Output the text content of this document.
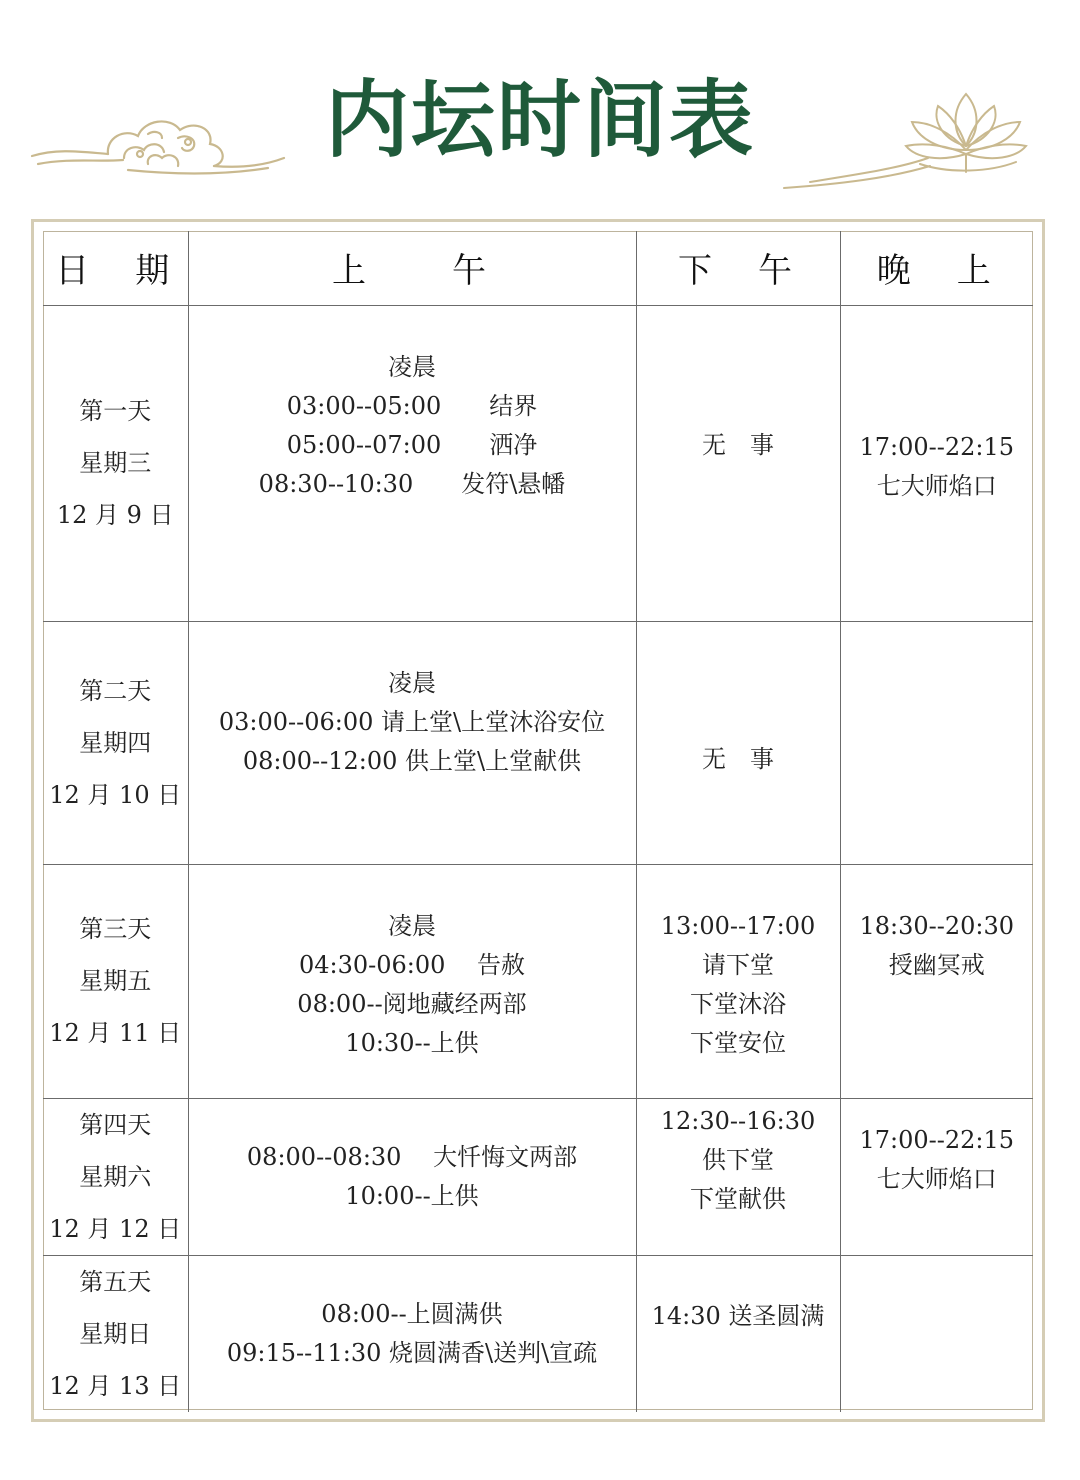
内坛时间表
日　期	上　　午	下　午	晚　上

第一天
星期三
12 月 9 日	凌晨
03:00--05:00　　结界
05:00--07:00　　洒净
08:30--10:30　　发符\悬幡	无　事	17:00--22:15
七大师焰口

第二天
星期四
12 月 10 日	凌晨
03:00--06:00 请上堂\上堂沐浴安位
08:00--12:00 供上堂\上堂献供	无　事	

第三天
星期五
12 月 11 日	凌晨
04:30-06:00　 告赦
08:00--阅地藏经两部
10:30--上供	13:00--17:00
请下堂
下堂沐浴
下堂安位	18:30--20:30
授幽冥戒

第四天
星期六
12 月 12 日	08:00--08:30　 大忏悔文两部
10:00--上供	12:30--16:30
供下堂
下堂献供	17:00--22:15
七大师焰口

第五天
星期日
12 月 13 日	08:00--上圆满供
09:15--11:30 烧圆满香\送判\宣疏	14:30 送圣圆满	
